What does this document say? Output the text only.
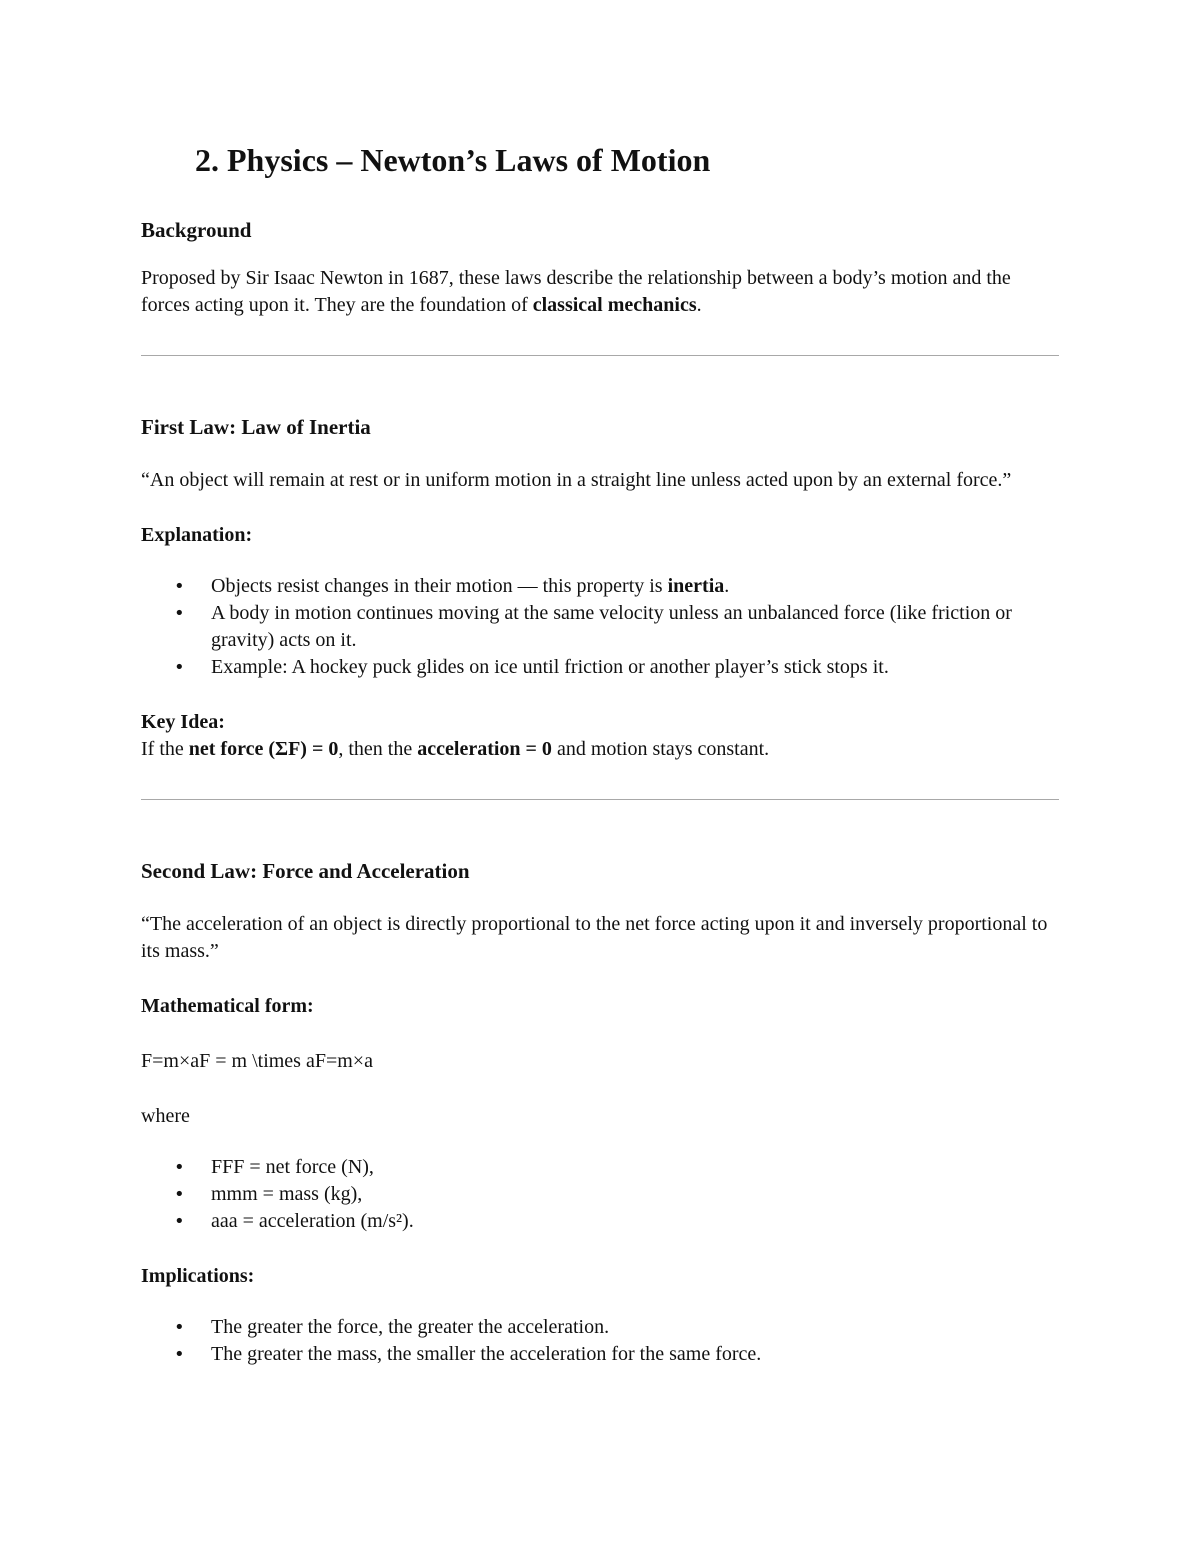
2. Physics – Newton’s Laws of Motion
Background

Proposed by Sir Isaac Newton in 1687, these laws describe the relationship between a body’s motion and the forces acting upon it. They are the foundation of classical mechanics.

First Law: Law of Inertia

“An object will remain at rest or in uniform motion in a straight line unless acted upon by an external force.”

Explanation:

• Objects resist changes in their motion — this property is inertia.
• A body in motion continues moving at the same velocity unless an unbalanced force (like friction or gravity) acts on it.
• Example: A hockey puck glides on ice until friction or another player’s stick stops it.

Key Idea:

If the net force (ΣF) = 0, then the acceleration = 0 and motion stays constant.

Second Law: Force and Acceleration

“The acceleration of an object is directly proportional to the net force acting upon it and inversely proportional to its mass.”

Mathematical form:

F=m×aF = m \times aF=m×a

where

• FFF = net force (N),
• mmm = mass (kg),
• aaa = acceleration (m/s²).

Implications:

• The greater the force, the greater the acceleration.
• The greater the mass, the smaller the acceleration for the same force.
